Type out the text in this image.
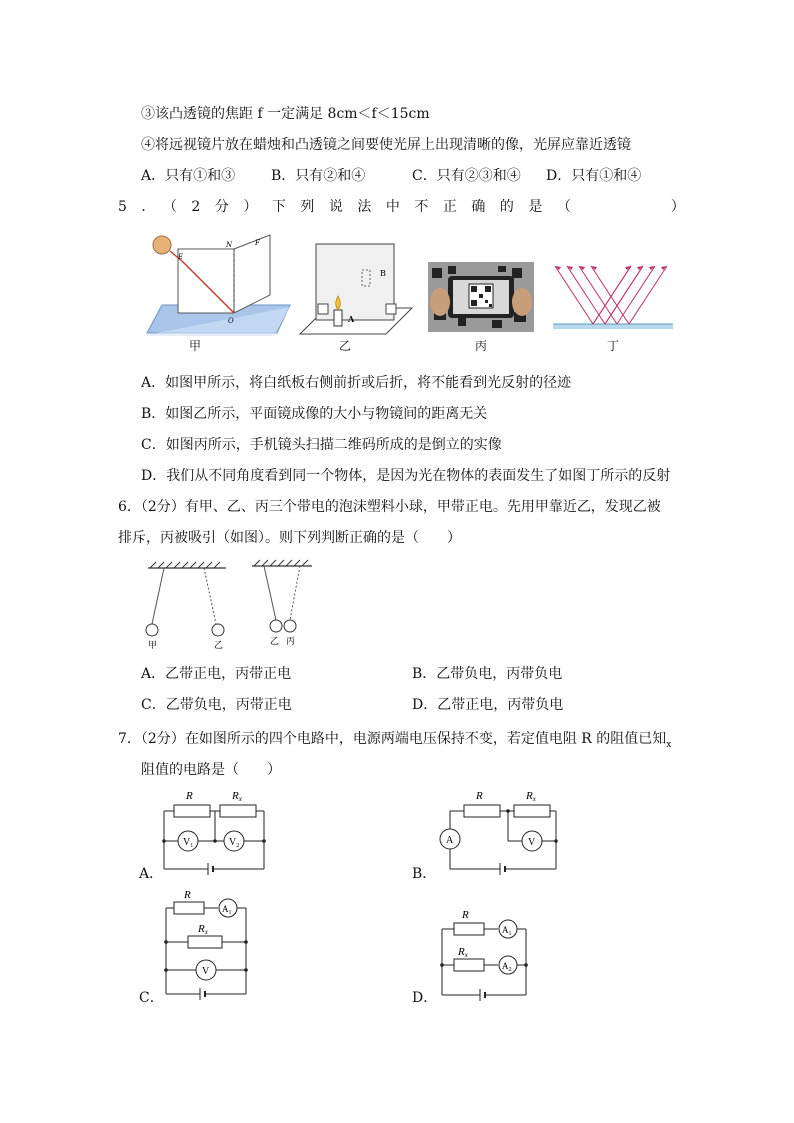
③该凸透镜的焦距 f 一定满足 8cm＜f＜15cm
④将远视镜片放在蜡烛和凸透镜之间要使光屏上出现清晰的像，光屏应靠近透镜
A．只有①和③	B．只有②和④	C．只有②③和④ D．只有①和④
5．（2分）下列说法中不正确的是（　　　）
E
N	F
O
甲
A
B
乙	丙	丁
A．如图甲所示，将白纸板右侧前折或后折，将不能看到光反射的径迹
B．如图乙所示，平面镜成像的大小与物镜间的距离无关
C．如图丙所示，手机镜头扫描二维码所成的是倒立的实像
D．我们从不同角度看到同一个物体，是因为光在物体的表面发生了如图丁所示的反射
6．（2分）有甲、乙、丙三个带电的泡沫塑料小球，甲带正电。先用甲靠近乙，发现乙被
排斥，丙被吸引（如图）。则下列判断正确的是（　　）
甲	乙	乙 丙
A．乙带正电，丙带正电	B．乙带负电，丙带负电
C．乙带负电，丙带正电	D．乙带正电，丙带负电
7．（2分）在如图所示的四个电路中，电源两端电压保持不变，若定值电阻 R 的阻值已知$_x$
阻值的电路是（　　）
R	Rx
$V_1$	$V_2$
A．
R	Rx
A	V
B．
R
Rx
$A_1$
V
C．
R
Rx
$A_1$
$A_2$
D．
